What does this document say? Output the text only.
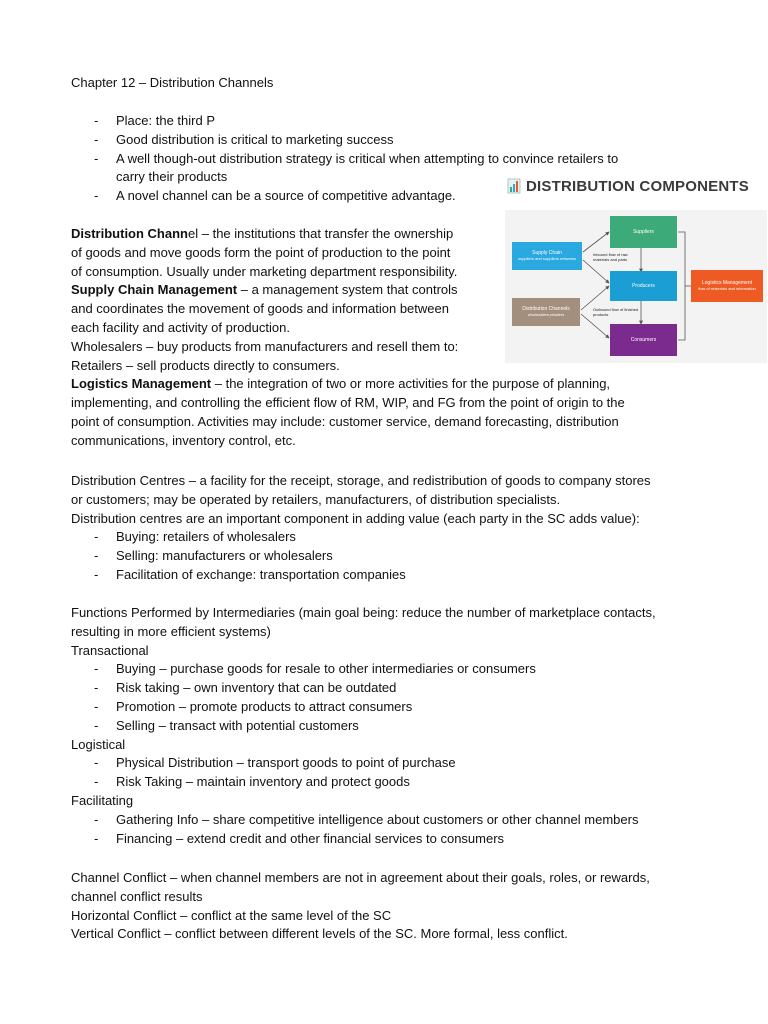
Chapter 12 – Distribution Channels
- Place: the third P
- Good distribution is critical to marketing success
- A well though-out distribution strategy is critical when attempting to convince retailers to
carry their products
- A novel channel can be a source of competitive advantage.
Distribution Channel – the institutions that transfer the ownership
of goods and move goods form the point of production to the point
of consumption. Usually under marketing department responsibility.
Supply Chain Management – a management system that controls
and coordinates the movement of goods and information between
each facility and activity of production.
Wholesalers – buy products from manufacturers and resell them to:
Retailers – sell products directly to consumers.
Logistics Management – the integration of two or more activities for the purpose of planning,
implementing, and controlling the efficient flow of RM, WIP, and FG from the point of origin to the
point of consumption. Activities may include: customer service, demand forecasting, distribution
communications, inventory control, etc.
Distribution Centres – a facility for the receipt, storage, and redistribution of goods to company stores
or customers; may be operated by retailers, manufacturers, of distribution specialists.
Distribution centres are an important component in adding value (each party in the SC adds value):
- Buying: retailers of wholesalers
- Selling: manufacturers or wholesalers
- Facilitation of exchange: transportation companies
Functions Performed by Intermediaries (main goal being: reduce the number of marketplace contacts,
resulting in more efficient systems)
Transactional
- Buying – purchase goods for resale to other intermediaries or consumers
- Risk taking – own inventory that can be outdated
- Promotion – promote products to attract consumers
- Selling – transact with potential customers
Logistical
- Physical Distribution – transport goods to point of purchase
- Risk Taking – maintain inventory and protect goods
Facilitating
- Gathering Info – share competitive intelligence about customers or other channel members
- Financing – extend credit and other financial services to consumers
Channel Conflict – when channel members are not in agreement about their goals, roles, or rewards,
channel conflict results
Horizontal Conflict – conflict at the same level of the SC
Vertical Conflict – conflict between different levels of the SC. More formal, less conflict.
DISTRIBUTION COMPONENTS
Supply Chain
suppliers and suppliers networks
Distribution Channels
wholesalers,retailers
Suppliers
Producers
Consumers
Logistics Management
flow of materials and information
Inbound flow of raw materials and parts
Outbound flow of finished products
